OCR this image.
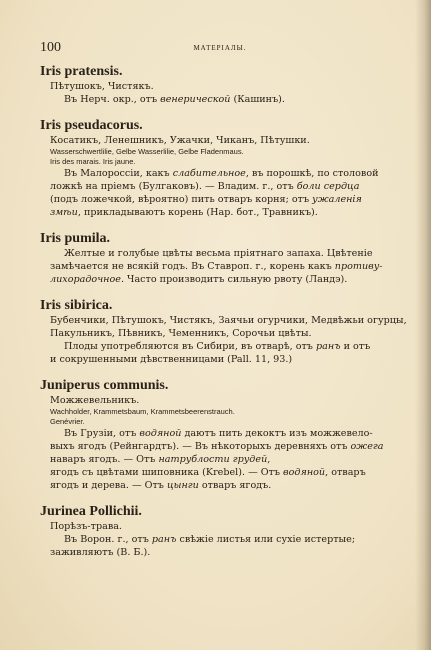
100	МАТЕРІАЛЫ.
Iris pratensis.
Пѣтушокъ, Чистякъ.
Въ Нерч. окр., отъ венерической (Кашинъ).
Iris pseudacorus.
Косатикъ, Ленешникъ, Ужачки, Чиканъ, Пѣтушки.
Wasserschwertlilie, Gelbe Wasserlilie, Gelbe Fladenmaus.
Iris des marais. Iris jaune.
Въ Малороссіи, какъ слабительное, въ порошкѣ, по столовой
ложкѣ на пріемъ (Булгаковъ). — Владим. г., отъ боли сердца
(подъ ложечкой, вѣроятно) пить отваръ корня; отъ ужаленія
змѣи, прикладываютъ корень (Нар. бот., Травникъ).
Iris pumila.
Желтые и голубые цвѣты весьма пріятнаго запаха. Цвѣтеніе
замѣчается не всякій годъ. Въ Ставроп. г., корень какъ противу-
лихорадочное. Часто производитъ сильную рвоту (Ландэ).
Iris sibirica.
Бубенчики, Пѣтушокъ, Чистякъ, Заячьи огурчики, Медвѣжьи огурцы,
Пакульникъ, Пѣвникъ, Чеменникъ, Сорочьи цвѣты.
Плоды употребляются въ Сибири, въ отварѣ, отъ ранъ и отъ
и сокрушенными дѣвственницами (Pall. 11, 93.)
Juniperus communis.
Можжевельникъ.
Wachholder, Krammetsbaum, Krammetsbeerenstrauch.
Genévrier.
Въ Грузіи, отъ водяной даютъ пить декоктъ изъ можжевело-
выхъ ягодъ (Рейнгардтъ). — Въ нѣкоторыхъ деревняхъ отъ ожега
наваръ ягодъ. — Отъ натрублости грудей,
ягодъ съ цвѣтами шиповника (Krebel). — Отъ водяной, отваръ
ягодъ и дерева. — Отъ цынги отваръ ягодъ.
Jurinea Pollichii.
Порѣзъ-трава.
Въ Ворон. г., отъ ранъ свѣжіе листья или сухіе истертые;
заживляютъ (В. Б.).
